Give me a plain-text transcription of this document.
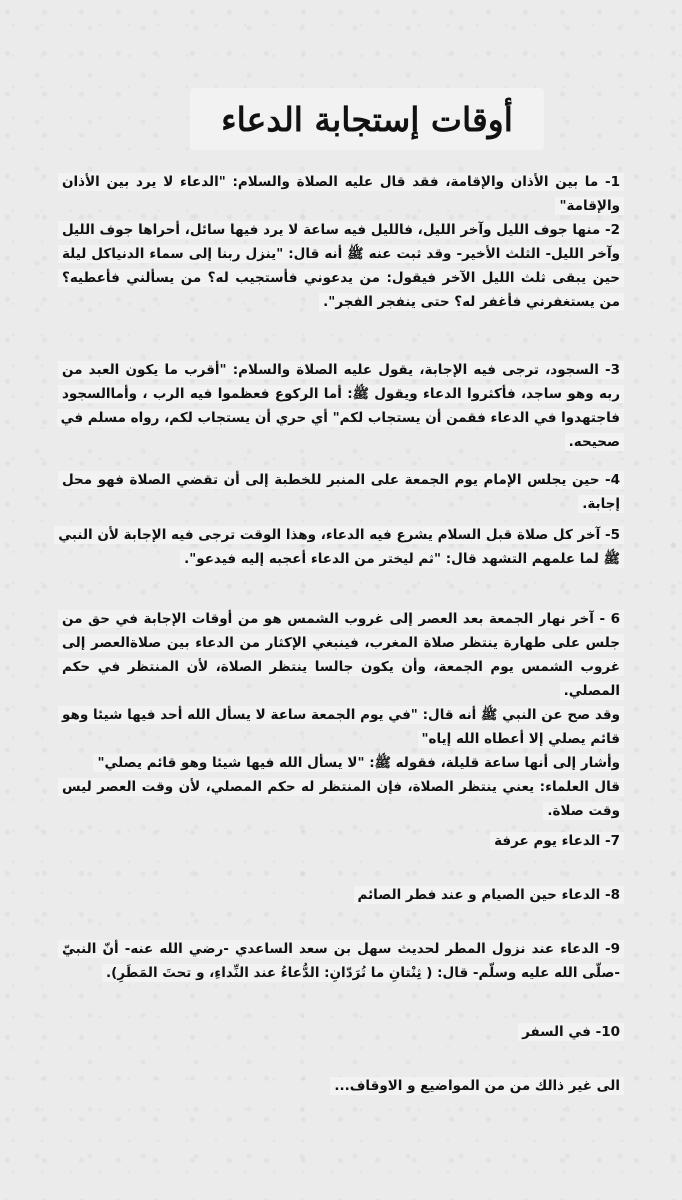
أوقات إستجابة الدعاء
1- ما بين الأذان والإقامة، فقد قال عليه الصلاة والسلام: "الدعاء لا يرد بين الأذان والإقامة"
2- منها جوف الليل وآخر الليل، فالليل فيه ساعة لا يرد فيها سائل، أحراها جوف الليل وآخر الليل- الثلث الأخير- وقد ثبت عنه ﷺ أنه قال: "ينزل ربنا إلى سماء الدنياكل ليلة حين يبقى ثلث الليل الآخر فيقول: من يدعوني فأستجيب له؟ من يسألني فأعطيه؟ من يستغفرني فأغفر له؟ حتى ينفجر الفجر".
3- السجود، ترجى فيه الإجابة، يقول عليه الصلاة والسلام: "أقرب ما يكون العبد من ربه وهو ساجد، فأكثروا الدعاء ويقول ﷺ: أما الركوع فعظموا فيه الرب ، وأماالسجود فاجتهدوا في الدعاء فقمن أن يستجاب لكم" أي حري أن يستجاب لكم، رواه مسلم في صحيحه.
4- حين يجلس الإمام يوم الجمعة على المنبر للخطبة إلى أن تقضي الصلاة فهو محل إجابة.
5- آخر كل صلاة قبل السلام يشرع فيه الدعاء، وهذا الوقت ترجى فيه الإجابة لأن النبي ﷺ لما علمهم التشهد قال: "ثم ليختر من الدعاء أعجبه إليه فيدعو".
6 - آخر نهار الجمعة بعد العصر إلى غروب الشمس هو من أوقات الإجابة في حق من جلس على طهارة ينتظر صلاة المغرب، فينبغي الإكثار من الدعاء بين صلاةالعصر إلى غروب الشمس يوم الجمعة، وأن يكون جالسا ينتظر الصلاة، لأن المنتظر في حكم المصلي.
وقد صح عن النبي ﷺ أنه قال: "في يوم الجمعة ساعة لا يسأل الله أحد فيها شيئا وهو قائم يصلي إلا أعطاه الله إياه"
وأشار إلى أنها ساعة قليلة، فقوله ﷺ: "لا يسأل الله فيها شيئا وهو قائم يصلي"
قال العلماء: يعني ينتظر الصلاة، فإن المنتظر له حكم المصلي، لأن وقت العصر ليس وقت صلاة.
7- الدعاء يوم عرفة
8- الدعاء حين الصيام و عند فطر الصائم
9- الدعاء عند نزول المطر لحديث سهل بن سعد الساعدي -رضي الله عنه- أنّ النبيّ -صلّى الله عليه وسلّم- قال: ( ثِنْتانِ ما تُرَدّانِ: الدُّعاءُ عند النِّداءِ، و تحتَ المَطَرِ).
10- في السفر
الى غير ذالك من من المواضيع و الاوقاف...
